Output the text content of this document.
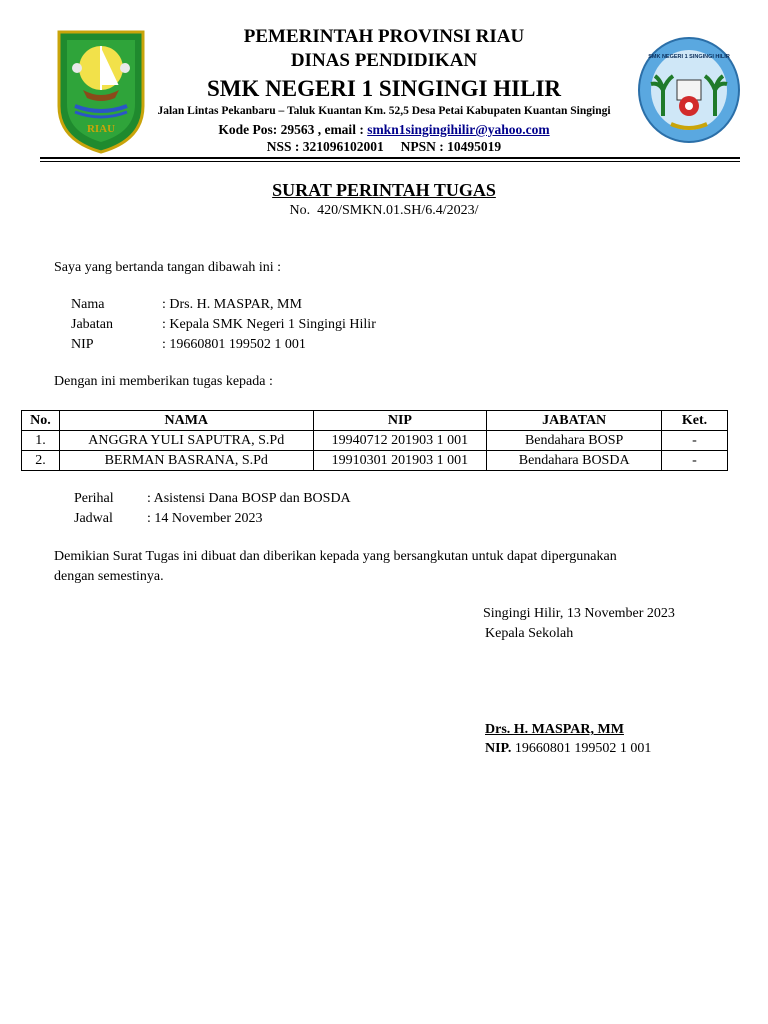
RIAU
SMK NEGERI 1 SINGINGI HILIR
PEMERINTAH PROVINSI RIAU
DINAS PENDIDIKAN
SMK NEGERI 1 SINGINGI HILIR
Jalan Lintas Pekanbaru – Taluk Kuantan Km. 52,5 Desa Petai Kabupaten Kuantan Singingi
Kode Pos: 29563 , email : smkn1singingihilir@yahoo.com
NSS : 321096102001     NPSN : 10495019
SURAT PERINTAH TUGAS
No.  420/SMKN.01.SH/6.4/2023/
Saya yang bertanda tangan dibawah ini :
Nama	: Drs. H. MASPAR, MM
Jabatan	: Kepala SMK Negeri 1 Singingi Hilir
NIP	: 19660801 199502 1 001
Dengan ini memberikan tugas kepada :
No.	NAMA	NIP	JABATAN	Ket.
1.	ANGGRA YULI SAPUTRA, S.Pd	19940712 201903 1 001	Bendahara BOSP	-
2.	BERMAN BASRANA, S.Pd	19910301 201903 1 001	Bendahara BOSDA	-
Perihal : Asistensi Dana BOSP dan BOSDA
Jadwal : 14 November 2023
Demikian Surat Tugas ini dibuat dan diberikan kepada yang bersangkutan untuk dapat dipergunakan
dengan semestinya.
Singingi Hilir, 13 November 2023
Kepala Sekolah
Drs. H. MASPAR, MM
NIP. 19660801 199502 1 001
